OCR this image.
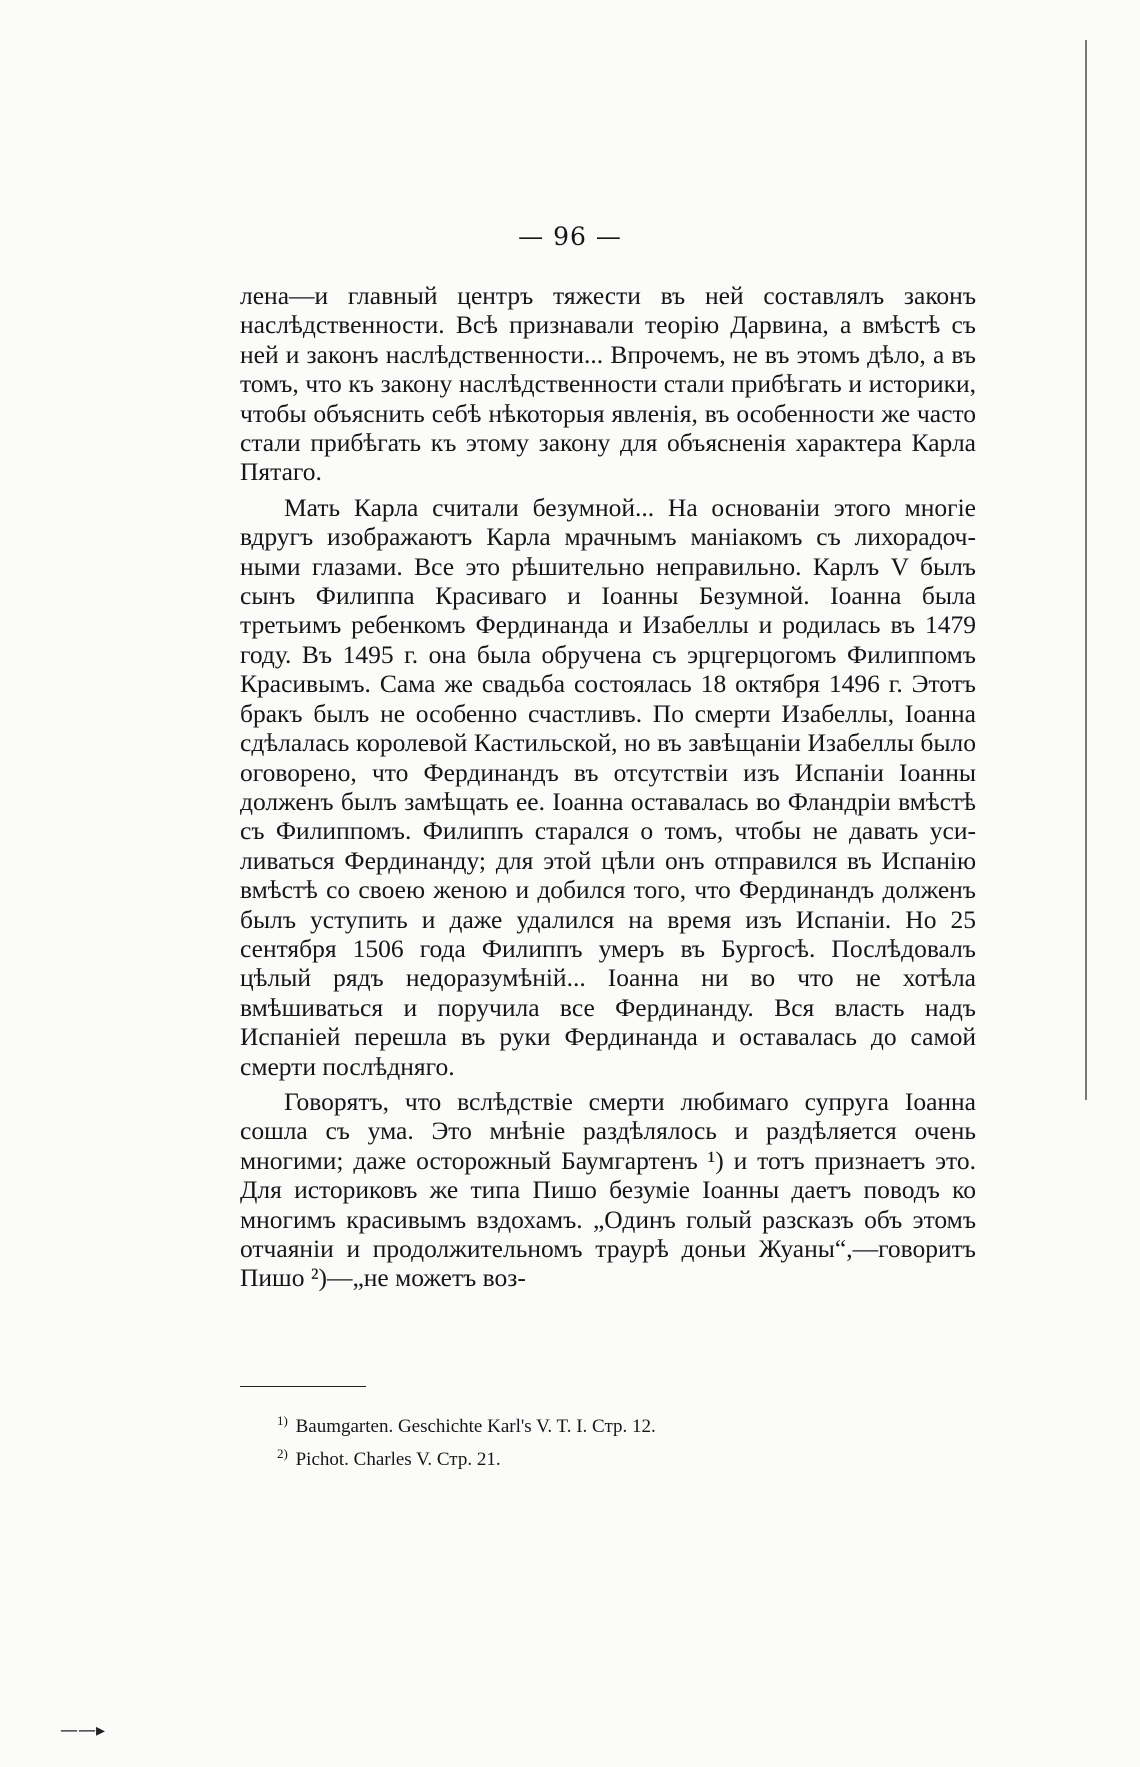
— 96 —

лена—и главный центръ тяжести въ ней составлялъ законъ наслѣдственности. Всѣ признавали теорію Дарвина, а вмѣстѣ съ ней и законъ наслѣдственности... Впрочемъ, не въ этомъ дѣло, а въ томъ, что къ закону наслѣдственности стали прибѣгать и историки, чтобы объяснить себѣ нѣкоторыя явленія, въ особенности же часто стали прибѣгать къ этому закону для объясненія характера Карла Пятаго.

Мать Карла считали безумной... На основаніи этого многіе вдругъ изображаютъ Карла мрачнымъ маніакомъ съ лихорадочными глазами. Все это рѣшительно неправильно. Карлъ V былъ сынъ Филиппа Красиваго и Іоанны Безумной. Іоанна была третьимъ ребенкомъ Фердинанда и Изабеллы и родилась въ 1479 году. Въ 1495 г. она была обручена съ эрцгерцогомъ Филиппомъ Красивымъ. Сама же свадьба состоялась 18 октября 1496 г. Этотъ бракъ былъ не особенно счастливъ. По смерти Изабеллы, Іоанна сдѣлалась королевой Кастильской, но въ завѣщаніи Изабеллы было оговорено, что Фердинандъ въ отсутствіи изъ Испаніи Іоанны долженъ былъ замѣщать ее. Іоанна оставалась во Фландріи вмѣстѣ съ Филиппомъ. Филиппъ старался о томъ, чтобы не давать усиливаться Фердинанду; для этой цѣли онъ отправился въ Испанію вмѣстѣ со своею женою и добился того, что Фердинандъ долженъ былъ уступить и даже удалился на время изъ Испаніи. Но 25 сентября 1506 года Филиппъ умеръ въ Бургосѣ. Послѣдовалъ цѣлый рядъ недоразумѣній... Іоанна ни во что не хотѣла вмѣшиваться и поручила все Фердинанду. Вся власть надъ Испаніей перешла въ руки Фердинанда и оставалась до самой смерти послѣдняго.

Говорятъ, что вслѣдствіе смерти любимаго супруга Іоанна сошла съ ума. Это мнѣніе раздѣлялось и раздѣляется очень многими; даже осторожный Баумгартенъ ¹) и тотъ признаетъ это. Для историковъ же типа Пишо безуміе Іоанны даетъ поводъ ко многимъ красивымъ вздохамъ. „Одинъ голый разсказъ объ этомъ отчаяніи и продолжительномъ траурѣ доньи Жуаны“,—говоритъ Пишо ²)—„не можетъ воз-

$^{1)}$ Baumgarten. Geschichte Karl's V. T. I. Стр. 12.
$^{2)}$ Pichot. Charles V. Стр. 21.
——▸
